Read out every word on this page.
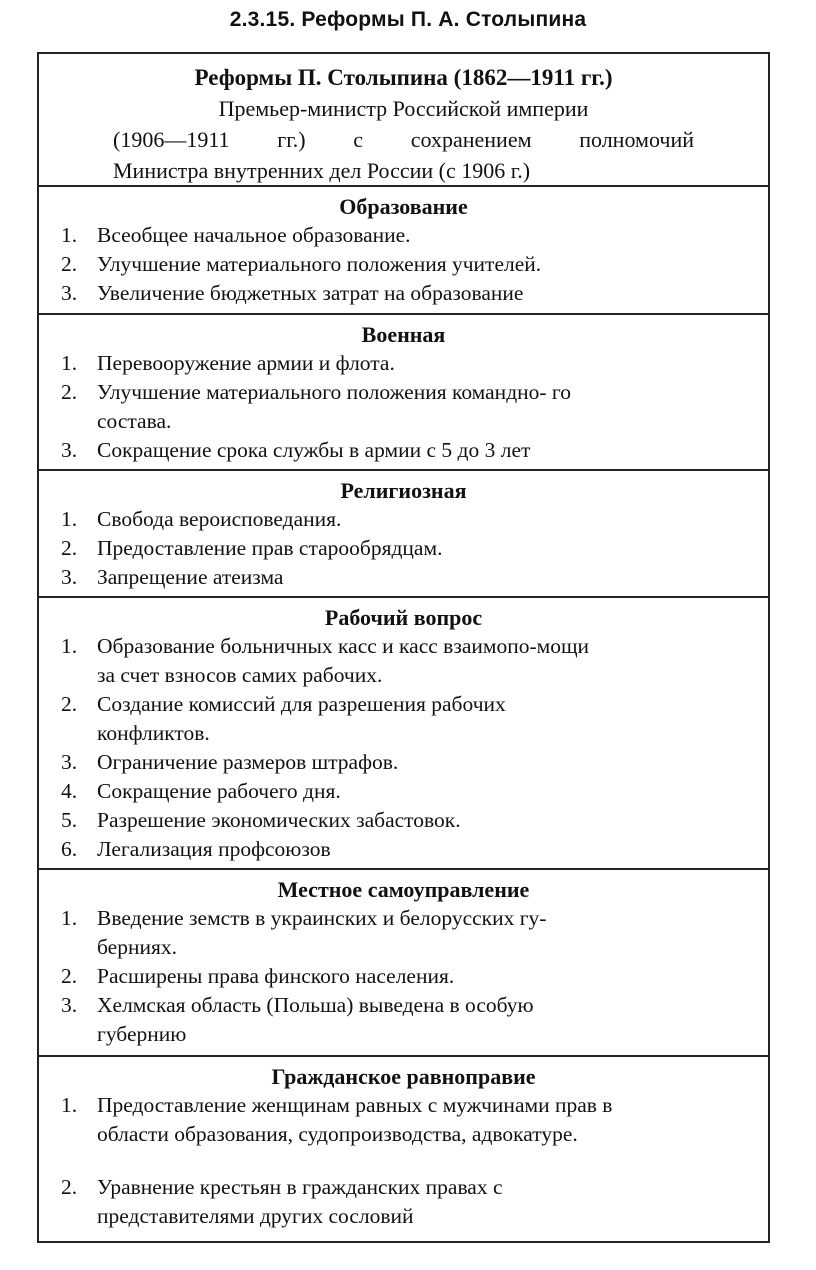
2.3.15. Реформы П. А. Столыпина
Реформы П. Столыпина (1862—1911 гг.)
Премьер-министр Российской империи
(1906—1911 гг.) с сохранением полномочий
Министра внутренних дел России (с 1906 г.)
Образование
1. Всеобщее начальное образование.
2. Улучшение материального положения учителей.
3. Увеличение бюджетных затрат на образование
Военная
1. Перевооружение армии и флота.
2. Улучшение материального положения командно- го
состава.
3. Сокращение срока службы в армии с 5 до 3 лет
Религиозная
1. Свобода вероисповедания.
2. Предоставление прав старообрядцам.
3. Запрещение атеизма
Рабочий вопрос
1. Образование больничных касс и касс взаимопо-мощи
за счет взносов самих рабочих.
2. Создание комиссий для разрешения рабочих
конфликтов.
3. Ограничение размеров штрафов.
4. Сокращение рабочего дня.
5. Разрешение экономических забастовок.
6. Легализация профсоюзов
Местное самоуправление
1. Введение земств в украинских и белорусских гу-
берниях.
2. Расширены права финского населения.
3. Хелмская область (Польша) выведена в особую
губернию
Гражданское равноправие
1. Предоставление женщинам равных с мужчинами прав в
области образования, судопроизводства, адвокатуре.
2. Уравнение крестьян в гражданских правах с
представителями других сословий
